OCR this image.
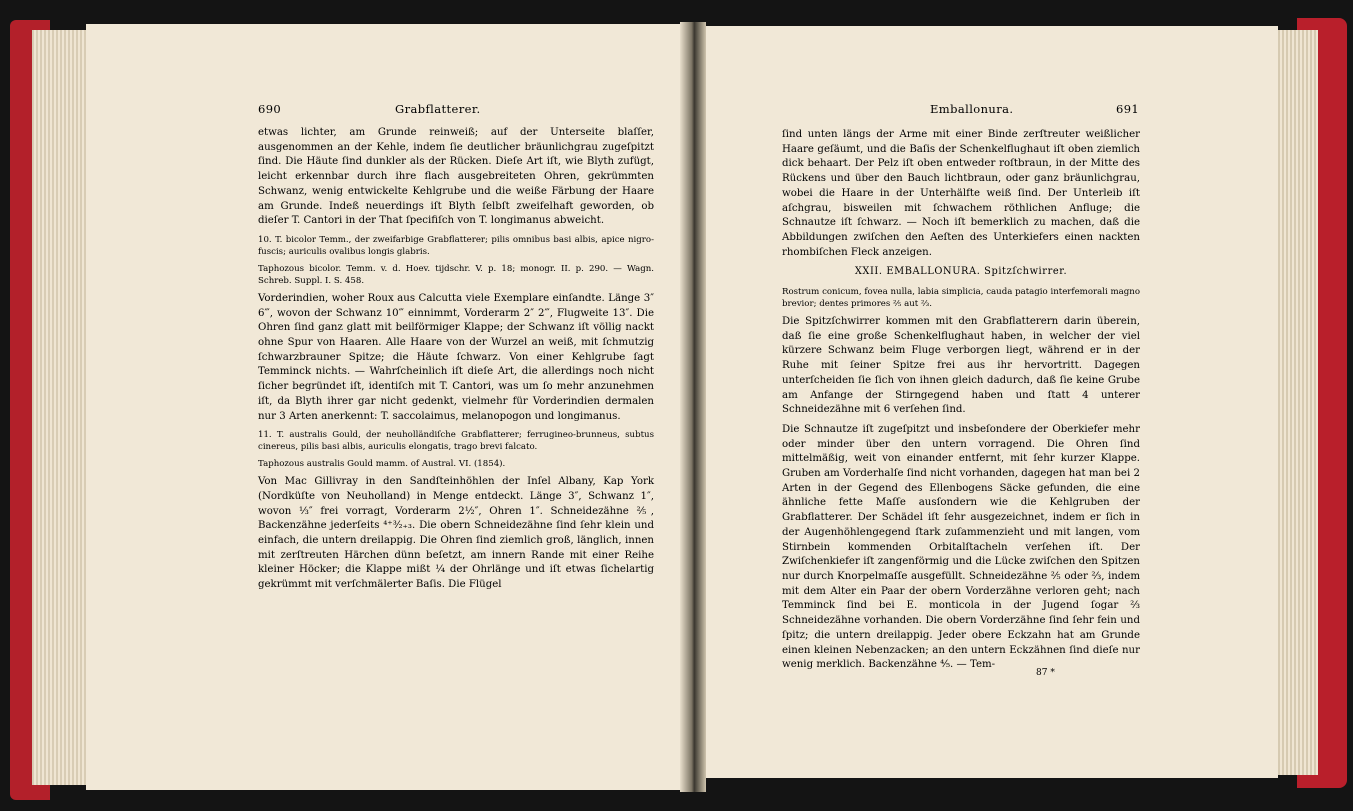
690	Grabflatterer.

etwas lichter, am Grunde reinweiß; auf der Unterseite blaſſer, ausgenommen an der Kehle, indem ſie deutlicher bräunlichgrau zugeſpitzt ſind. Die Häute ſind dunkler als der Rücken. Dieſe Art iſt, wie Blyth zufügt, leicht erkennbar durch ihre flach ausgebreiteten Ohren, gekrümmten Schwanz, wenig entwickelte Kehlgrube und die weiße Färbung der Haare am Grunde. Indeß neuerdings iſt Blyth ſelbſt zweifelhaft geworden, ob dieſer T. Cantori in der That ſpecifiſch von T. longimanus abweicht.

10. T. bicolor Temm., der zweifarbige Grabflatterer; pilis omnibus basi albis, apice nigro-fuscis; auriculis ovalibus longis glabris.

Taphozous bicolor. Temm. v. d. Hoev. tijdschr. V. p. 18; monogr. II. p. 290. — Wagn. Schreb. Suppl. I. S. 458.

Vorderindien, woher Roux aus Calcutta viele Exemplare einſandte. Länge 3″ 6‴, wovon der Schwanz 10‴ einnimmt, Vorderarm 2″ 2‴, Flugweite 13″. Die Ohren ſind ganz glatt mit beilförmiger Klappe; der Schwanz iſt völlig nackt ohne Spur von Haaren. Alle Haare von der Wurzel an weiß, mit ſchmutzig ſchwarzbrauner Spitze; die Häute ſchwarz. Von einer Kehlgrube ſagt Temminck nichts. — Wahrſcheinlich iſt dieſe Art, die allerdings noch nicht ſicher begründet iſt, identiſch mit T. Cantori, was um ſo mehr anzunehmen iſt, da Blyth ihrer gar nicht gedenkt, vielmehr für Vorderindien dermalen nur 3 Arten anerkennt: T. saccolaimus, melanopogon und longimanus.

11. T. australis Gould, der neuholländiſche Grabflatterer; ferrugineo-brunneus, subtus cinereus, pilis basi albis, auriculis elongatis, trago brevi falcato.

Taphozous australis Gould mamm. of Austral. VI. (1854).

Von Mac Gillivray in den Sandſteinhöhlen der Inſel Albany, Kap York (Nordküſte von Neuholland) in Menge entdeckt. Länge 3″, Schwanz 1″, wovon ⅓″ frei vorragt, Vorderarm 2½″, Ohren 1″. Schneidezähne ⅖, Backenzähne jederſeits ⁴⁺³⁄₂₊₃. Die obern Schneidezähne ſind ſehr klein und einfach, die untern dreilappig. Die Ohren ſind ziemlich groß, länglich, innen mit zerſtreuten Härchen dünn beſetzt, am innern Rande mit einer Reihe kleiner Höcker; die Klappe mißt ¼ der Ohrlänge und iſt etwas ſichelartig gekrümmt mit verſchmälerter Baſis. Die Flügel

Emballonura.	691

ſind unten längs der Arme mit einer Binde zerſtreuter weißlicher Haare geſäumt, und die Baſis der Schenkelflughaut iſt oben ziemlich dick behaart. Der Pelz iſt oben entweder roſtbraun, in der Mitte des Rückens und über den Bauch lichtbraun, oder ganz bräunlichgrau, wobei die Haare in der Unterhälfte weiß ſind. Der Unterleib iſt aſchgrau, bisweilen mit ſchwachem röthlichen Anfluge; die Schnautze iſt ſchwarz. — Noch iſt bemerklich zu machen, daß die Abbildungen zwiſchen den Aeſten des Unterkiefers einen nackten rhombiſchen Fleck anzeigen.

XXII. EMBALLONURA. Spitzſchwirrer.

Rostrum conicum, fovea nulla, labia simplicia, cauda patagio interfemorali magno brevior; dentes primores ⅖ aut ⅔.

Die Spitzſchwirrer kommen mit den Grabflatterern darin überein, daß ſie eine große Schenkelflughaut haben, in welcher der viel kürzere Schwanz beim Fluge verborgen liegt, während er in der Ruhe mit ſeiner Spitze frei aus ihr hervortritt. Dagegen unterſcheiden ſie ſich von ihnen gleich dadurch, daß ſie keine Grube am Anfange der Stirngegend haben und ſtatt 4 unterer Schneidezähne mit 6 verſehen ſind.

Die Schnautze iſt zugeſpitzt und insbeſondere der Oberkiefer mehr oder minder über den untern vorragend. Die Ohren ſind mittelmäßig, weit von einander entfernt, mit ſehr kurzer Klappe. Gruben am Vorderhalſe ſind nicht vorhanden, dagegen hat man bei 2 Arten in der Gegend des Ellenbogens Säcke gefunden, die eine ähnliche fette Maſſe ausſondern wie die Kehlgruben der Grabflatterer. Der Schädel iſt ſehr ausgezeichnet, indem er ſich in der Augenhöhlengegend ſtark zuſammenzieht und mit langen, vom Stirnbein kommenden Orbitalſtacheln verſehen iſt. Der Zwiſchenkiefer iſt zangenförmig und die Lücke zwiſchen den Spitzen nur durch Knorpelmaſſe ausgefüllt. Schneidezähne ⅖ oder ⅔, indem mit dem Alter ein Paar der obern Vorderzähne verloren geht; nach Temminck ſind bei E. monticola in der Jugend ſogar ⅔ Schneidezähne vorhanden. Die obern Vorderzähne ſind ſehr fein und ſpitz; die untern dreilappig. Jeder obere Eckzahn hat am Grunde einen kleinen Nebenzacken; an den untern Eckzähnen ſind dieſe nur wenig merklich. Backenzähne ⁴⁄₅. — Tem-

87 *
